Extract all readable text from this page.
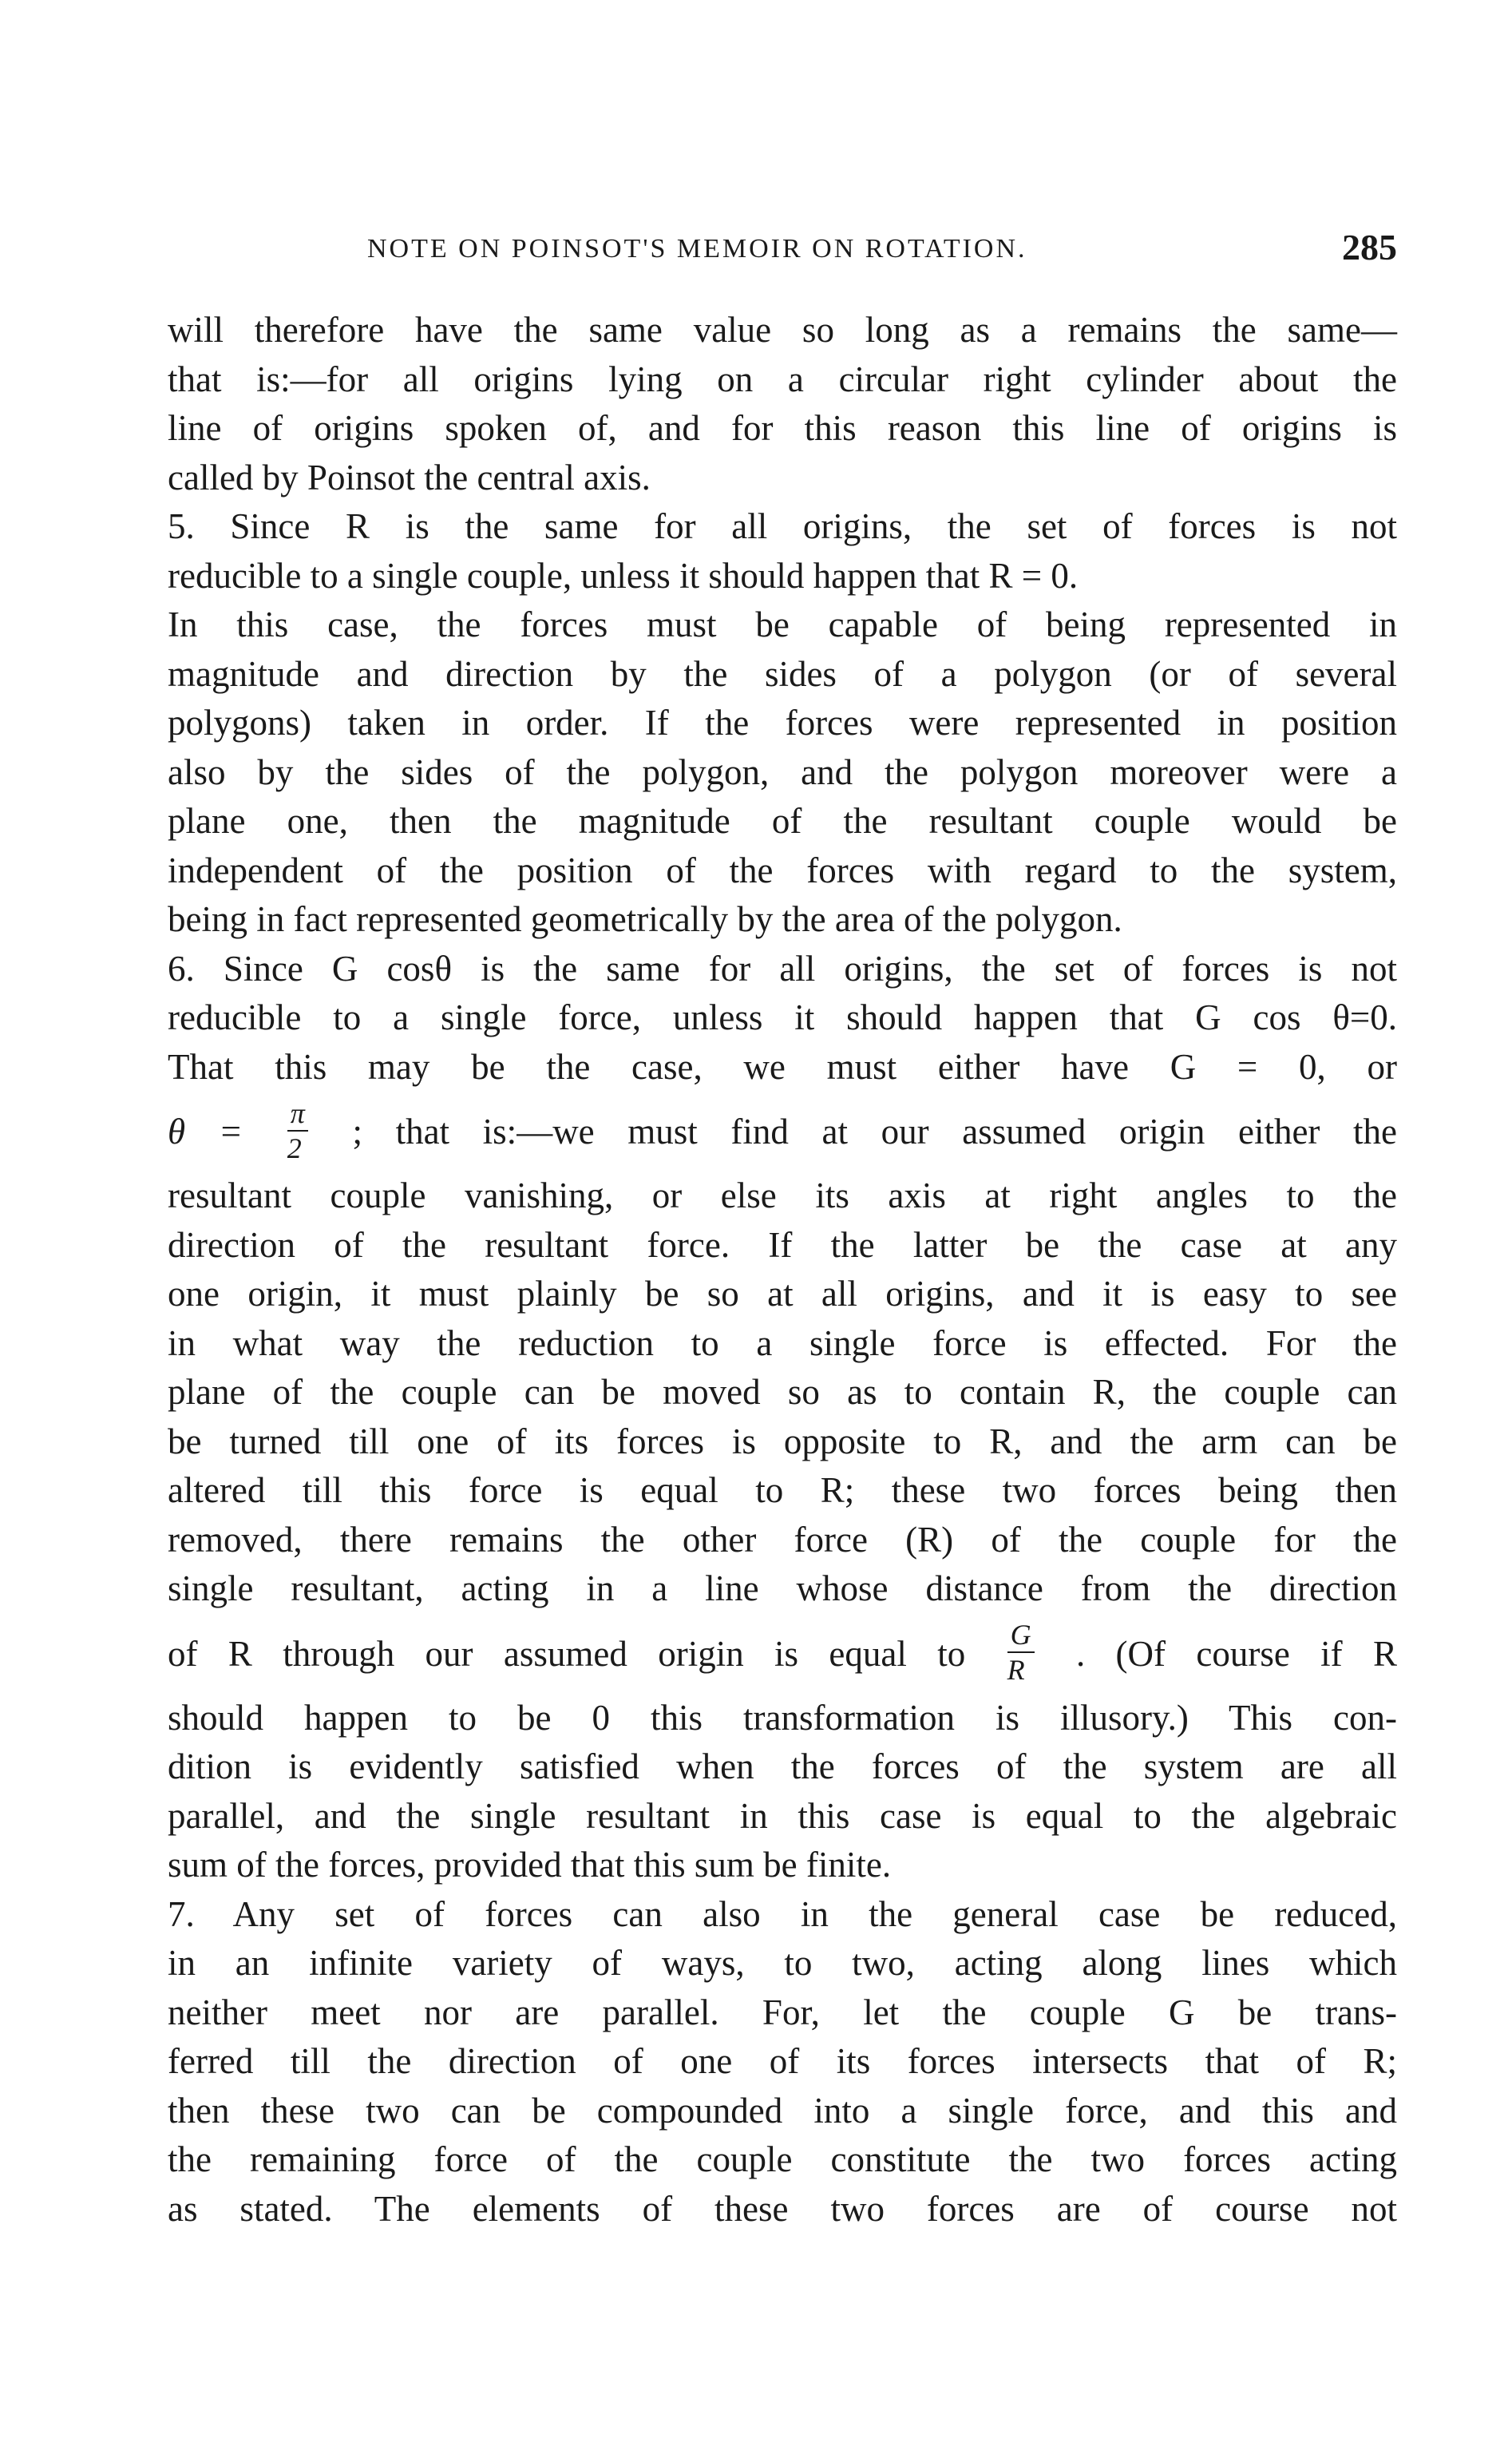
NOTE ON POINSOT'S MEMOIR ON ROTATION.	285
will therefore have the same value so long as a remains the same—
that is:—for all origins lying on a circular right cylinder about the
line of origins spoken of, and for this reason this line of origins is
called by Poinsot the central axis.
5. Since R is the same for all origins, the set of forces is not
reducible to a single couple, unless it should happen that R = 0.
In this case, the forces must be capable of being represented in
magnitude and direction by the sides of a polygon (or of several
polygons) taken in order. If the forces were represented in position
also by the sides of the polygon, and the polygon moreover were a
plane one, then the magnitude of the resultant couple would be
independent of the position of the forces with regard to the system,
being in fact represented geometrically by the area of the polygon.
6. Since G cosθ is the same for all origins, the set of forces is not
reducible to a single force, unless it should happen that G cos θ=0.
That this may be the case, we must either have G = 0, or
$\theta = \frac{\pi}{2}$ ; that is:—we must find at our assumed origin either the
resultant couple vanishing, or else its axis at right angles to the
direction of the resultant force. If the latter be the case at any
one origin, it must plainly be so at all origins, and it is easy to see
in what way the reduction to a single force is effected. For the
plane of the couple can be moved so as to contain R, the couple can
be turned till one of its forces is opposite to R, and the arm can be
altered till this force is equal to R; these two forces being then
removed, there remains the other force (R) of the couple for the
single resultant, acting in a line whose distance from the direction
of R through our assumed origin is equal to $\frac{G}{R}$ . (Of course if R
should happen to be 0 this transformation is illusory.) This con-
dition is evidently satisfied when the forces of the system are all
parallel, and the single resultant in this case is equal to the algebraic
sum of the forces, provided that this sum be finite.
7. Any set of forces can also in the general case be reduced,
in an infinite variety of ways, to two, acting along lines which
neither meet nor are parallel. For, let the couple G be trans-
ferred till the direction of one of its forces intersects that of R;
then these two can be compounded into a single force, and this and
the remaining force of the couple constitute the two forces acting
as stated. The elements of these two forces are of course not
